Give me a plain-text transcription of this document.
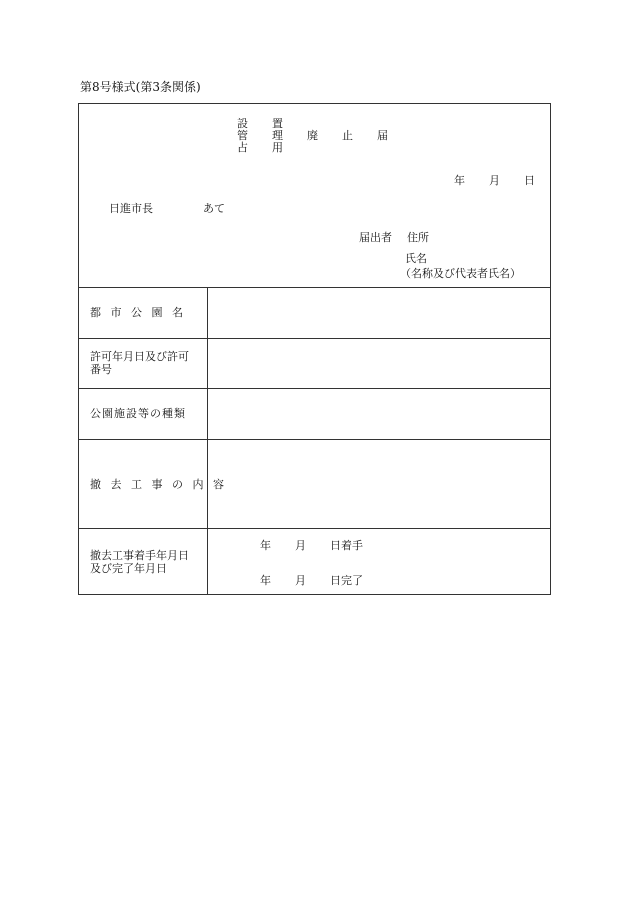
第8号様式(第3条関係)
設 置
管 理 廃 止 届
占 用
年 月 日
日進市長	あて
届出者 住所
氏名
（名称及び代表者氏名）
都 市 公 園 名
許可年月日及び許可
番号
公園施設等の種類
撤 去 工 事 の 内 容
撤去工事着手年月日
及び完了年月日
年 月 日着手
年 月 日完了
